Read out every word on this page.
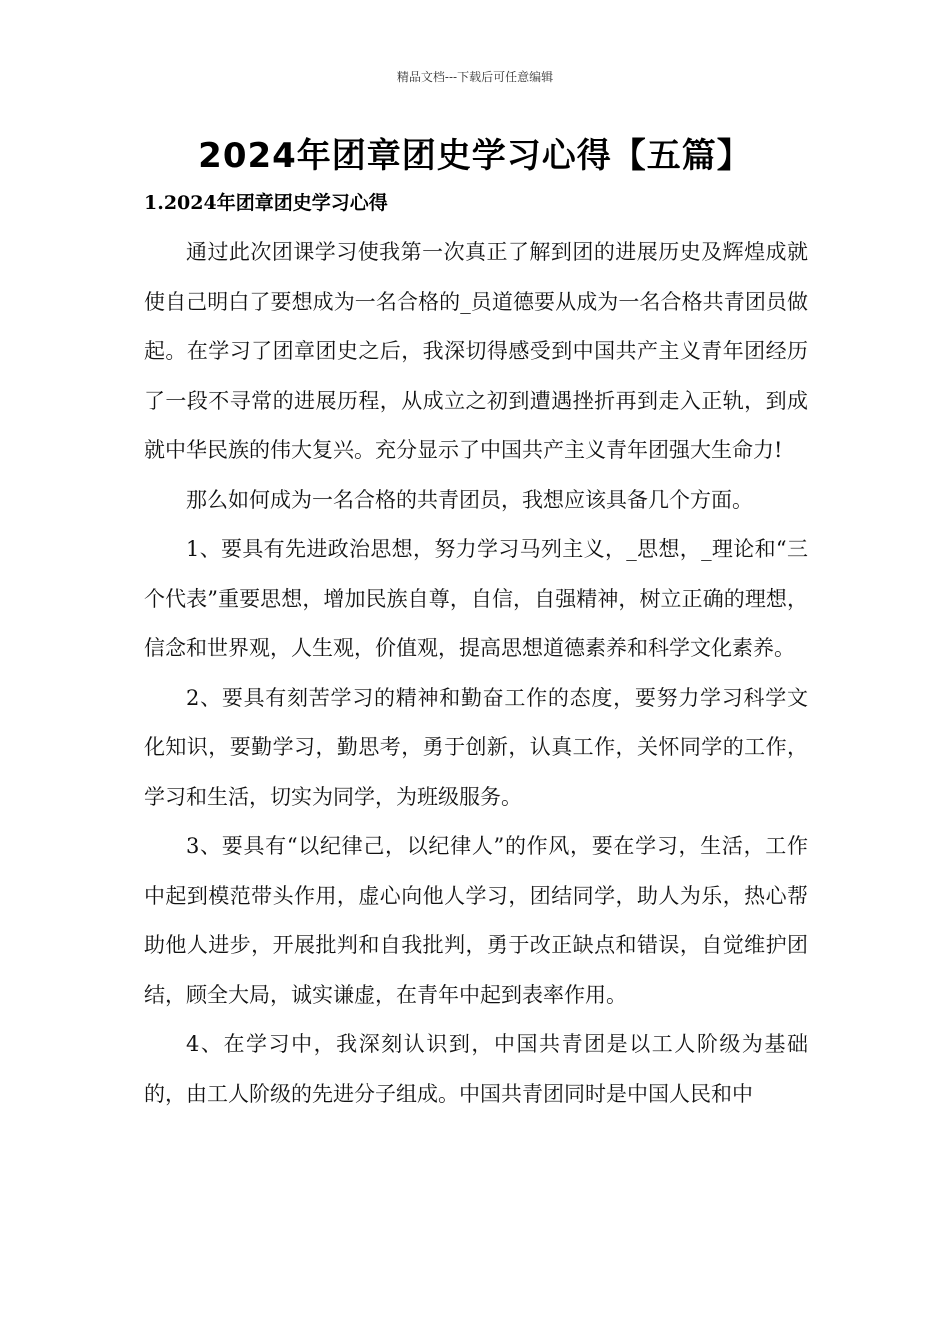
精品文档---下载后可任意编辑
2024年团章团史学习心得【五篇】
1.2024年团章团史学习心得

通过此次团课学习使我第一次真正了解到团的进展历史及辉煌成就使自己明白了要想成为一名合格的_员道德要从成为一名合格共青团员做起。在学习了团章团史之后，我深切得感受到中国共产主义青年团经历了一段不寻常的进展历程，从成立之初到遭遇挫折再到走入正轨，到成就中华民族的伟大复兴。充分显示了中国共产主义青年团强大生命力!

那么如何成为一名合格的共青团员，我想应该具备几个方面。

1、要具有先进政治思想，努力学习马列主义，_思想，_理论和“三个代表”重要思想，增加民族自尊，自信，自强精神，树立正确的理想，信念和世界观，人生观，价值观，提高思想道德素养和科学文化素养。

2、要具有刻苦学习的精神和勤奋工作的态度，要努力学习科学文化知识，要勤学习，勤思考，勇于创新，认真工作，关怀同学的工作，学习和生活，切实为同学，为班级服务。

3、要具有“以纪律己，以纪律人”的作风，要在学习，生活，工作中起到模范带头作用，虚心向他人学习，团结同学，助人为乐，热心帮助他人进步，开展批判和自我批判，勇于改正缺点和错误，自觉维护团结，顾全大局，诚实谦虚，在青年中起到表率作用。

4、在学习中，我深刻认识到，中国共青团是以工人阶级为基础的，由工人阶级的先进分子组成。中国共青团同时是中国人民和中
